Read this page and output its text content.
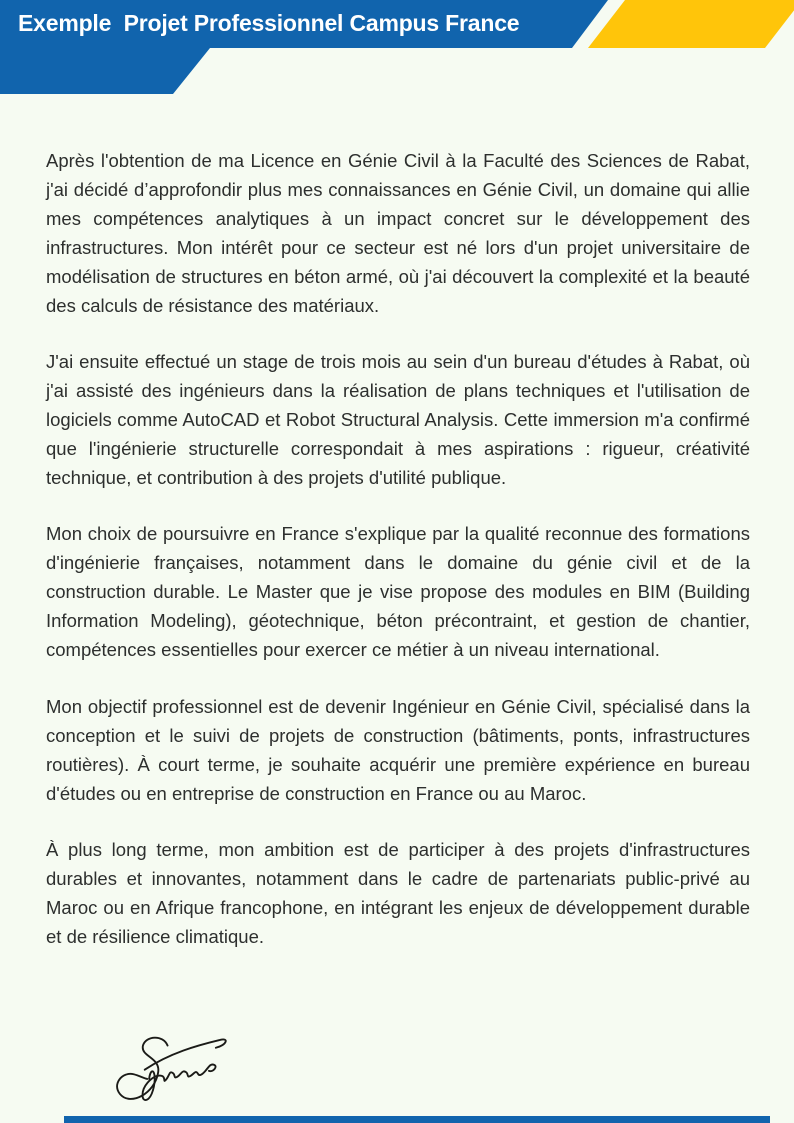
Exemple  Projet Professionnel Campus France

Après l'obtention de ma Licence en Génie Civil à la Faculté des Sciences de Rabat, j'ai décidé d’approfondir plus mes connaissances en Génie Civil, un domaine qui allie mes compétences analytiques à un impact concret sur le développement des infrastructures. Mon intérêt pour ce secteur est né lors d'un projet universitaire de modélisation de structures en béton armé, où j'ai découvert la complexité et la beauté des calculs de résistance des matériaux.

J'ai ensuite effectué un stage de trois mois au sein d'un bureau d'études à Rabat, où j'ai assisté des ingénieurs dans la réalisation de plans techniques et l'utilisation de logiciels comme AutoCAD et Robot Structural Analysis. Cette immersion m'a confirmé que l'ingénierie structurelle correspondait à mes aspirations : rigueur, créativité technique, et contribution à des projets d'utilité publique.

Mon choix de poursuivre en France s'explique par la qualité reconnue des formations d'ingénierie françaises, notamment dans le domaine du génie civil et de la construction durable. Le Master que je vise propose des modules en BIM (Building Information Modeling), géotechnique, béton précontraint, et gestion de chantier, compétences essentielles pour exercer ce métier à un niveau international.

Mon objectif professionnel est de devenir Ingénieur en Génie Civil, spécialisé dans la conception et le suivi de projets de construction (bâtiments, ponts, infrastructures routières). À court terme, je souhaite acquérir une première expérience en bureau d'études ou en entreprise de construction en France ou au Maroc.

À plus long terme, mon ambition est de participer à des projets d'infrastructures durables et innovantes, notamment dans le cadre de partenariats public-privé au Maroc ou en Afrique francophone, en intégrant les enjeux de développement durable et de résilience climatique.
